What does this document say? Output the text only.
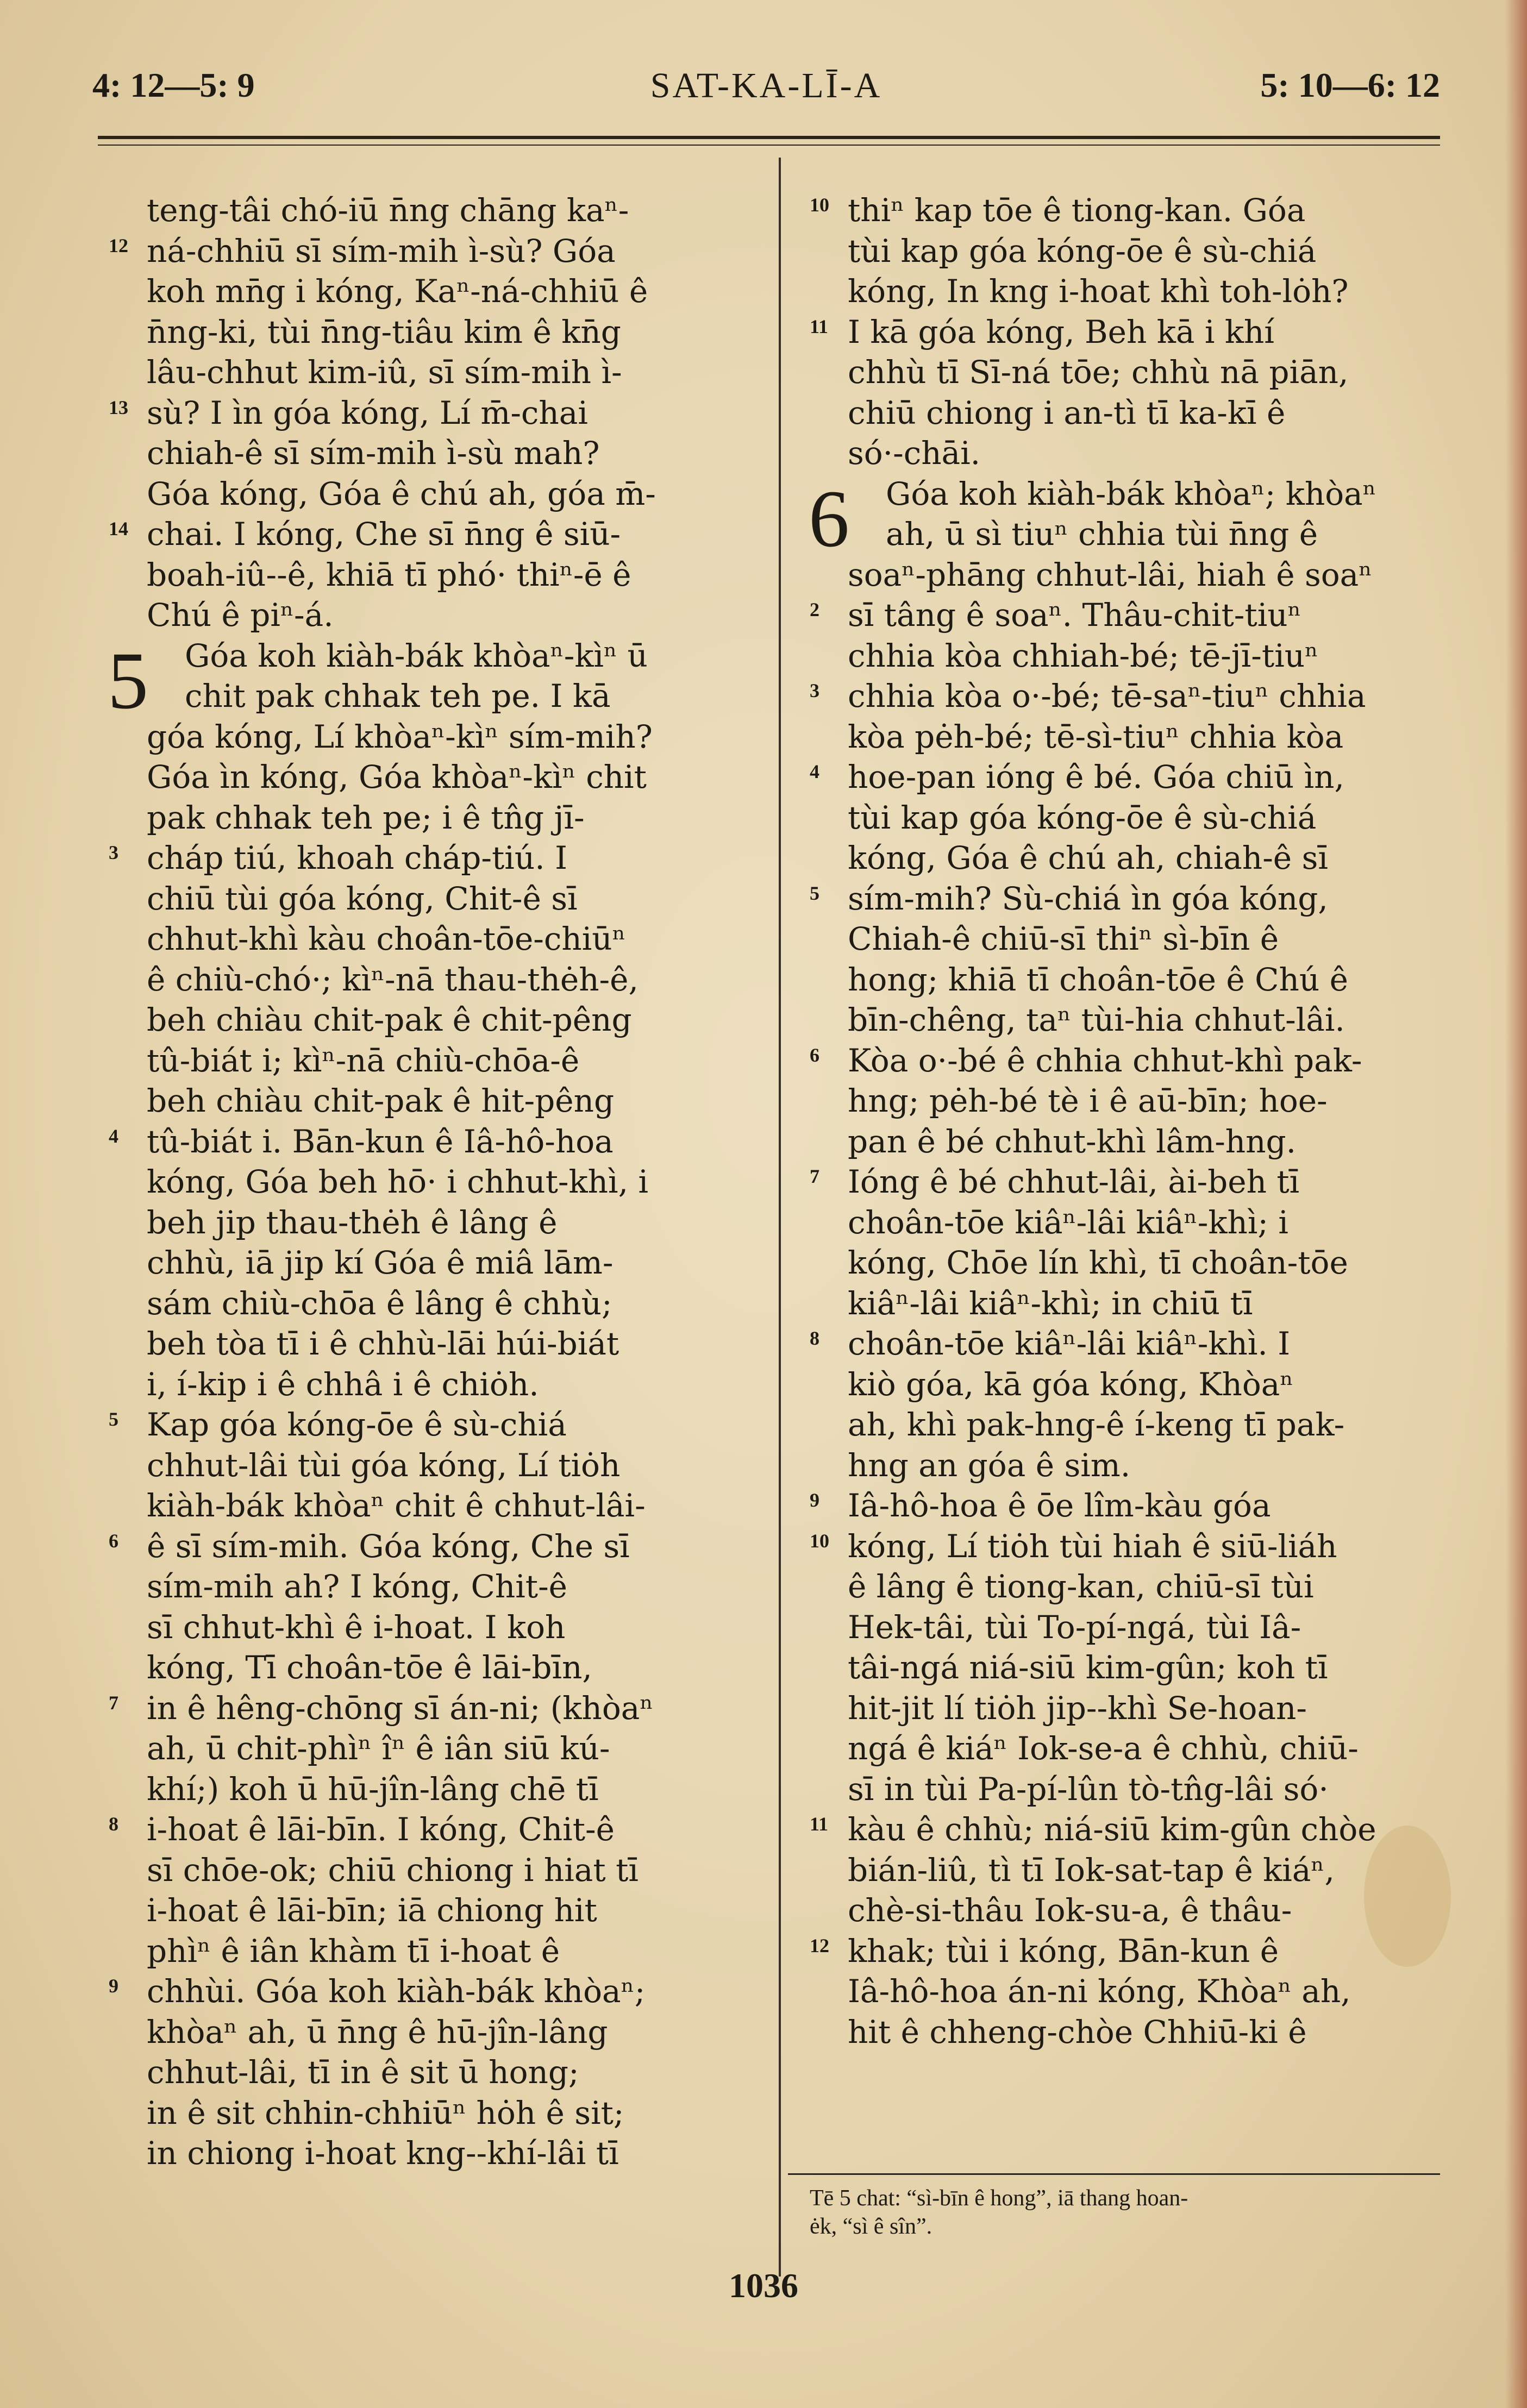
4: 12—5: 9	SAT-KA-LĪ-A	5: 10—6: 12
teng-tâi chó-iū n̄ng chāng kaⁿ-
12 ná-chhiū sī sím-mih ì-sù? Góa
koh mn̄g i kóng, Kaⁿ-ná-chhiū ê
n̄ng-ki, tùi n̄ng-tiâu kim ê kn̄g
lâu-chhut kim-iû, sī sím-mih ì-
13 sù? I ìn góa kóng, Lí m̄-chai
chiah-ê sī sím-mih ì-sù mah?
Góa kóng, Góa ê chú ah, góa m̄-
14 chai. I kóng, Che sī n̄ng ê siū-
boah-iû--ê, khiā tī phó· thiⁿ-ē ê
Chú ê piⁿ-á.
5 Góa koh kiàh-bák khòaⁿ-kìⁿ ū
chit pak chhak teh pe. I kā
góa kóng, Lí khòaⁿ-kìⁿ sím-mih?
Góa ìn kóng, Góa khòaⁿ-kìⁿ chit
pak chhak teh pe; i ê tn̂g jī-
3 cháp tiú, khoah cháp-tiú. I
chiū tùi góa kóng, Chit-ê sī
chhut-khì kàu choân-tōe-chiūⁿ
ê chiù-chó·; kìⁿ-nā thau-thėh-ê,
beh chiàu chit-pak ê chit-pêng
tû-biát i; kìⁿ-nā chiù-chōa-ê
beh chiàu chit-pak ê hit-pêng
4 tû-biát i. Bān-kun ê Iâ-hô-hoa
kóng, Góa beh hō· i chhut-khì, i
beh jip thau-thėh ê lâng ê
chhù, iā jip kí Góa ê miâ lām-
sám chiù-chōa ê lâng ê chhù;
beh tòa tī i ê chhù-lāi húi-biát
i, í-kip i ê chhâ i ê chiȯh.
5 Kap góa kóng-ōe ê sù-chiá
chhut-lâi tùi góa kóng, Lí tiȯh
kiàh-bák khòaⁿ chit ê chhut-lâi-
6 ê sī sím-mih. Góa kóng, Che sī
sím-mih ah? I kóng, Chit-ê
sī chhut-khì ê i-hoat. I koh
kóng, Tī choân-tōe ê lāi-bīn,
7 in ê hêng-chōng sī án-ni; (khòaⁿ
ah, ū chit-phìⁿ îⁿ ê iân siū kú-
khí;) koh ū hū-jîn-lâng chē tī
8 i-hoat ê lāi-bīn. I kóng, Chit-ê
sī chōe-ok; chiū chiong i hiat tī
i-hoat ê lāi-bīn; iā chiong hit
phìⁿ ê iân khàm tī i-hoat ê
9 chhùi. Góa koh kiàh-bák khòaⁿ;
khòaⁿ ah, ū n̄ng ê hū-jîn-lâng
chhut-lâi, tī in ê sit ū hong;
in ê sit chhin-chhiūⁿ hȯh ê sit;
in chiong i-hoat kng--khí-lâi tī
10 thiⁿ kap tōe ê tiong-kan. Góa
tùi kap góa kóng-ōe ê sù-chiá
kóng, In kng i-hoat khì toh-lȯh?
11 I kā góa kóng, Beh kā i khí
chhù tī Sī-ná tōe; chhù nā piān,
chiū chiong i an-tì tī ka-kī ê
só·-chāi.
6 Góa koh kiàh-bák khòaⁿ; khòaⁿ
ah, ū sì tiuⁿ chhia tùi n̄ng ê
soaⁿ-phāng chhut-lâi, hiah ê soaⁿ
2 sī tâng ê soaⁿ. Thâu-chit-tiuⁿ
chhia kòa chhiah-bé; tē-jī-tiuⁿ
3 chhia kòa o·-bé; tē-saⁿ-tiuⁿ chhia
kòa pėh-bé; tē-sì-tiuⁿ chhia kòa
4 hoe-pan ióng ê bé. Góa chiū ìn,
tùi kap góa kóng-ōe ê sù-chiá
kóng, Góa ê chú ah, chiah-ê sī
5 sím-mih? Sù-chiá ìn góa kóng,
Chiah-ê chiū-sī thiⁿ sì-bīn ê
hong; khiā tī choân-tōe ê Chú ê
bīn-chêng, taⁿ tùi-hia chhut-lâi.
6 Kòa o·-bé ê chhia chhut-khì pak-
hng; pėh-bé tè i ê aū-bīn; hoe-
pan ê bé chhut-khì lâm-hng.
7 Ióng ê bé chhut-lâi, ài-beh tī
choân-tōe kiâⁿ-lâi kiâⁿ-khì; i
kóng, Chōe lín khì, tī choân-tōe
kiâⁿ-lâi kiâⁿ-khì; in chiū tī
8 choân-tōe kiâⁿ-lâi kiâⁿ-khì. I
kiò góa, kā góa kóng, Khòaⁿ
ah, khì pak-hng-ê í-keng tī pak-
hng an góa ê sim.
9 Iâ-hô-hoa ê ōe lîm-kàu góa
10 kóng, Lí tiȯh tùi hiah ê siū-liáh
ê lâng ê tiong-kan, chiū-sī tùi
Hek-tâi, tùi To-pí-ngá, tùi Iâ-
tâi-ngá niá-siū kim-gûn; koh tī
hit-jit lí tiȯh jip--khì Se-hoan-
ngá ê kiáⁿ Iok-se-a ê chhù, chiū-
sī in tùi Pa-pí-lûn tò-tn̂g-lâi só·
11 kàu ê chhù; niá-siū kim-gûn chòe
bián-liû, tì tī Iok-sat-tap ê kiáⁿ,
chè-si-thâu Iok-su-a, ê thâu-
12 khak; tùi i kóng, Bān-kun ê
Iâ-hô-hoa án-ni kóng, Khòaⁿ ah,
hit ê chheng-chòe Chhiū-ki ê
Tē 5 chat: “sì-bīn ê hong”, iā thang hoan-
ėk, “sì ê sîn”.
1036
